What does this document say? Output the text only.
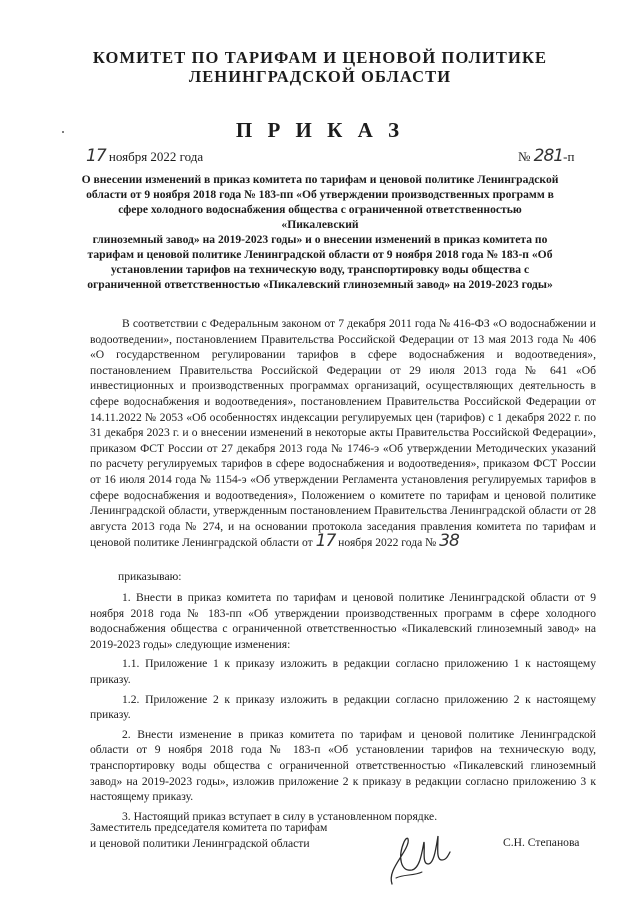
КОМИТЕТ ПО ТАРИФАМ И ЦЕНОВОЙ ПОЛИТИКЕ
ЛЕНИНГРАДСКОЙ ОБЛАСТИ
П Р И К А З
17 ноября 2022 года	№ 281-п
О внесении изменений в приказ комитета по тарифам и ценовой политике Ленинградской
области от 9 ноября 2018 года № 183-пп «Об утверждении производственных программ в
сфере холодного водоснабжения общества с ограниченной ответственностью «Пикалевский
глиноземный завод» на 2019-2023 годы» и о внесении изменений в приказ комитета по
тарифам и ценовой политике Ленинградской области от 9 ноября 2018 года № 183-п «Об
установлении тарифов на техническую воду, транспортировку воды общества с
ограниченной ответственностью «Пикалевский глиноземный завод» на 2019-2023 годы»
В соответствии с Федеральным законом от 7 декабря 2011 года № 416-ФЗ «О водоснабжении и водоотведении», постановлением Правительства Российской Федерации от 13 мая 2013 года № 406 «О государственном регулировании тарифов в сфере водоснабжения и водоотведения», постановлением Правительства Российской Федерации от 29 июля 2013 года № 641 «Об инвестиционных и производственных программах организаций, осуществляющих деятельность в сфере водоснабжения и водоотведения», постановлением Правительства Российской Федерации от 14.11.2022 № 2053 «Об особенностях индексации регулируемых цен (тарифов) с 1 декабря 2022 г. по 31 декабря 2023 г. и о внесении изменений в некоторые акты Правительства Российской Федерации», приказом ФСТ России от 27 декабря 2013 года № 1746-э «Об утверждении Методических указаний по расчету регулируемых тарифов в сфере водоснабжения и водоотведения», приказом ФСТ России от 16 июля 2014 года № 1154-э «Об утверждении Регламента установления регулируемых тарифов в сфере водоснабжения и водоотведения», Положением о комитете по тарифам и ценовой политике Ленинградской области, утвержденным постановлением Правительства Ленинградской области от 28 августа 2013 года № 274, и на основании протокола заседания правления комитета по тарифам и ценовой политике Ленинградской области от 17 ноября 2022 года № 38
приказываю:
1. Внести в приказ комитета по тарифам и ценовой политике Ленинградской области от 9 ноября 2018 года № 183-пп «Об утверждении производственных программ в сфере холодного водоснабжения общества с ограниченной ответственностью «Пикалевский глиноземный завод» на 2019-2023 годы» следующие изменения:
1.1. Приложение 1 к приказу изложить в редакции согласно приложению 1 к настоящему приказу.
1.2. Приложение 2 к приказу изложить в редакции согласно приложению 2 к настоящему приказу.
2. Внести изменение в приказ комитета по тарифам и ценовой политике Ленинградской области от 9 ноября 2018 года № 183-п «Об установлении тарифов на техническую воду, транспортировку воды общества с ограниченной ответственностью «Пикалевский глиноземный завод» на 2019-2023 годы», изложив приложение 2 к приказу в редакции согласно приложению 3 к настоящему приказу.
3. Настоящий приказ вступает в силу в установленном порядке.
Заместитель председателя комитета по тарифам
и ценовой политики Ленинградской области	С.Н. Степанова
